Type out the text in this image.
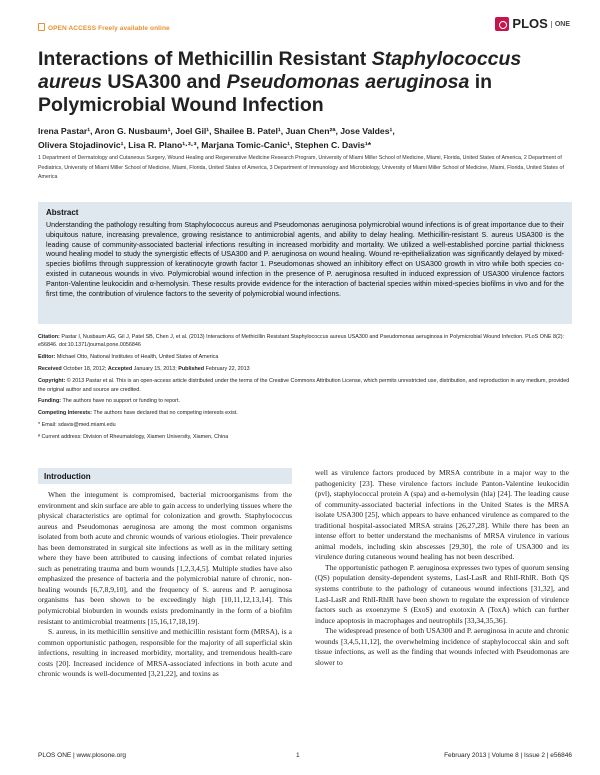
OPEN ACCESS Freely available online	PLOS ONE
Interactions of Methicillin Resistant Staphylococcus aureus USA300 and Pseudomonas aeruginosa in Polymicrobial Wound Infection
Irena Pastar¹, Aron G. Nusbaum¹, Joel Gil¹, Shailee B. Patel¹, Juan Chen²ª, Jose Valdes¹,
Olivera Stojadinovic¹, Lisa R. Plano¹·²·³, Marjana Tomic-Canic¹, Stephen C. Davis¹*
1 Department of Dermatology and Cutaneous Surgery, Wound Healing and Regenerative Medicine Research Program, University of Miami Miller School of Medicine, Miami, Florida, United States of America, 2 Department of Pediatrics, University of Miami Miller School of Medicine, Miami, Florida, United States of America, 3 Department of Immunology and Microbiology, University of Miami Miller School of Medicine, Miami, Florida, United States of America
Abstract

Understanding the pathology resulting from Staphylococcus aureus and Pseudomonas aeruginosa polymicrobial wound infections is of great importance due to their ubiquitous nature, increasing prevalence, growing resistance to antimicrobial agents, and ability to delay healing. Methicillin-resistant S. aureus USA300 is the leading cause of community-associated bacterial infections resulting in increased morbidity and mortality. We utilized a well-established porcine partial thickness wound healing model to study the synergistic effects of USA300 and P. aeruginosa on wound healing. Wound re-epithelialization was significantly delayed by mixed-species biofilms through suppression of keratinocyte growth factor 1. Pseudomonas showed an inhibitory effect on USA300 growth in vitro while both species co-existed in cutaneous wounds in vivo. Polymicrobial wound infection in the presence of P. aeruginosa resulted in induced expression of USA300 virulence factors Panton-Valentine leukocidin and α-hemolysin. These results provide evidence for the interaction of bacterial species within mixed-species biofilms in vivo and for the first time, the contribution of virulence factors to the severity of polymicrobial wound infections.

Citation: Pastar I, Nusbaum AG, Gil J, Patel SB, Chen J, et al. (2013) Interactions of Methicillin Resistant Staphylococcus aureus USA300 and Pseudomonas aeruginosa in Polymicrobial Wound Infection. PLoS ONE 8(2): e56846. doi:10.1371/journal.pone.0056846
Editor: Michael Otto, National Institutes of Health, United States of America
Received October 18, 2012; Accepted January 15, 2013; Published February 22, 2013
Copyright: © 2013 Pastar et al. This is an open-access article distributed under the terms of the Creative Commons Attribution License, which permits unrestricted use, distribution, and reproduction in any medium, provided the original author and source are credited.
Funding: The authors have no support or funding to report.
Competing Interests: The authors have declared that no competing interests exist.
* Email: sdavis@med.miami.edu
ª Current address: Division of Rheumatology, Xiamen University, Xiamen, China
Introduction

When the integument is compromised, bacterial microorganisms from the environment and skin surface are able to gain access to underlying tissues where the physical characteristics are optimal for colonization and growth. Staphylococcus aureus and Pseudomonas aeruginosa are among the most common organisms isolated from both acute and chronic wounds of various etiologies. Their prevalence has been demonstrated in surgical site infections as well as in the military setting where they have been attributed to causing infections of combat related injuries such as penetrating trauma and burn wounds [1,2,3,4,5]. Multiple studies have also emphasized the presence of bacteria and the polymicrobial nature of chronic, non-healing wounds [6,7,8,9,10], and the frequency of S. aureus and P. aeruginosa organisms has been shown to be exceedingly high [10,11,12,13,14]. This polymicrobial bioburden in wounds exists predominantly in the form of a biofilm resistant to antimicrobial treatments [15,16,17,18,19].

S. aureus, in its methicillin sensitive and methicillin resistant form (MRSA), is a common opportunistic pathogen, responsible for the majority of all superficial skin infections, resulting in increased morbidity, mortality, and tremendous health-care costs [20]. Increased incidence of MRSA-associated infections in both acute and chronic wounds is well-documented [3,21,22], and toxins as

well as virulence factors produced by MRSA contribute in a major way to the pathogenicity [23]. These virulence factors include Panton-Valentine leukocidin (pvl), staphylococcal protein A (spa) and α-hemolysin (hla) [24]. The leading cause of community-associated bacterial infections in the United States is the MRSA isolate USA300 [25], which appears to have enhanced virulence as compared to the traditional hospital-associated MRSA strains [26,27,28]. While there has been an intense effort to better understand the mechanisms of MRSA virulence in various animal models, including skin abscesses [29,30], the role of USA300 and its virulence during cutaneous wound healing has not been described.

The opportunistic pathogen P. aeruginosa expresses two types of quorum sensing (QS) population density-dependent systems, LasI-LasR and RhlI-RhlR. Both QS systems contribute to the pathology of cutaneous wound infections [31,32], and LasI-LasR and RhlI-RhlR have been shown to regulate the expression of virulence factors such as exoenzyme S (ExoS) and exotoxin A (ToxA) which can further induce apoptosis in macrophages and neutrophils [33,34,35,36].

The widespread presence of both USA300 and P. aeruginosa in acute and chronic wounds [3,4,5,11,12], the overwhelming incidence of staphylococcal skin and soft tissue infections, as well as the finding that wounds infected with Pseudomonas are slower to

PLOS ONE | www.plosone.org	1	February 2013 | Volume 8 | Issue 2 | e56846
